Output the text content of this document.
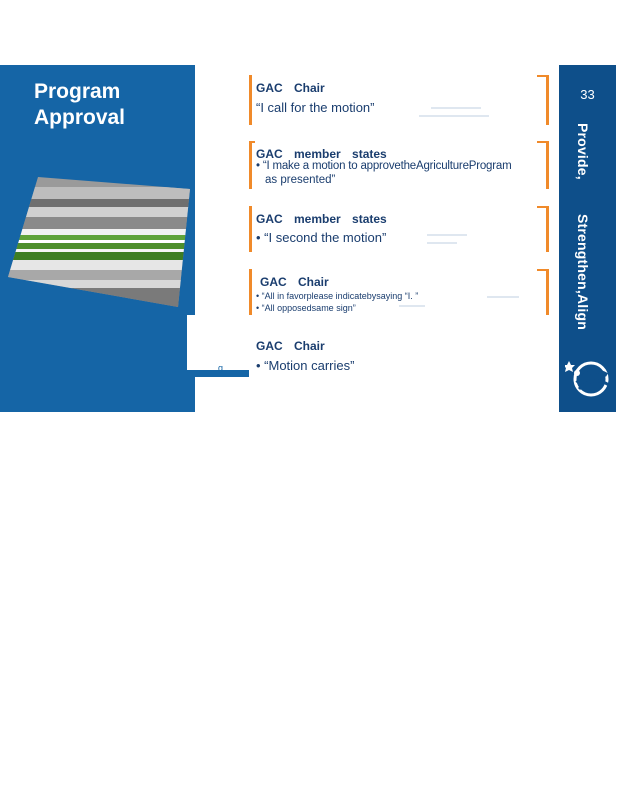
Program
Approval
g
33
Provide,  Strengthen,Align
GAC Chair
“I call for the motion”
GAC member states
• “I make a motion to approvetheAgricultureProgram
as presented”
GAC member states
• “I second the motion”
GAC Chair
• “All in favorplease indicatebysaying “I. ”
• “All opposedsame sign”
GAC Chair
• “Motion carries”
